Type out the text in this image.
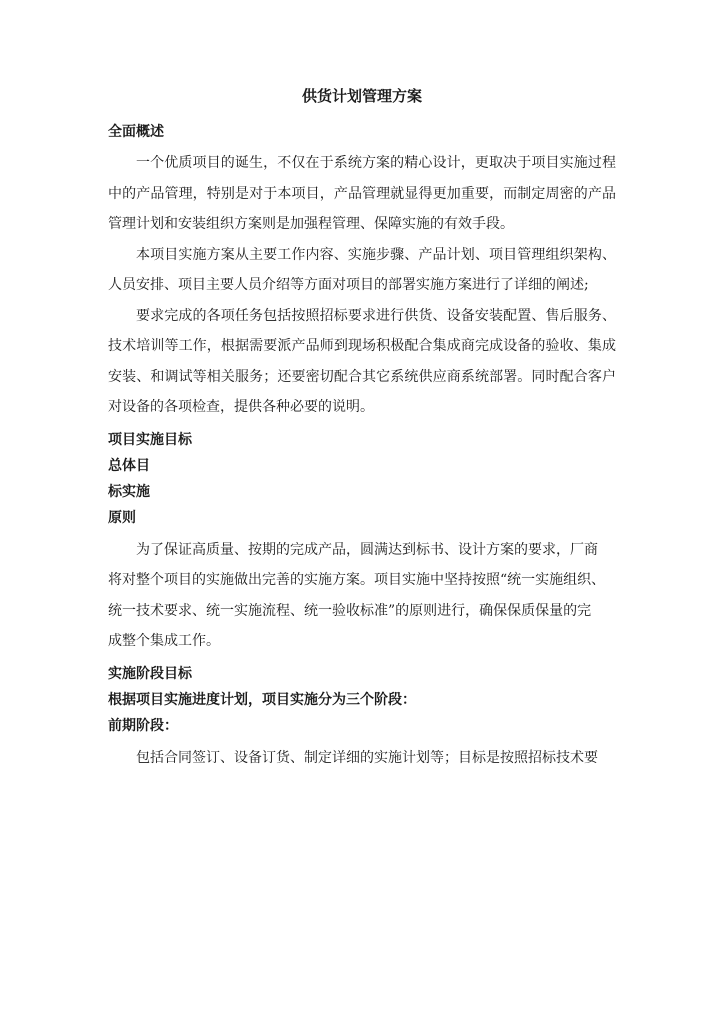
供货计划管理方案
全面概述

一个优质项目的诞生，不仅在于系统方案的精心设计，更取决于项目实施过程中的产品管理，特别是对于本项目，产品管理就显得更加重要，而制定周密的产品管理计划和安装组织方案则是加强程管理、保障实施的有效手段。

本项目实施方案从主要工作内容、实施步骤、产品计划、项目管理组织架构、人员安排、项目主要人员介绍等方面对项目的部署实施方案进行了详细的阐述;

要求完成的各项任务包括按照招标要求进行供货、设备安装配置、售后服务、技术培训等工作，根据需要派产品师到现场积极配合集成商完成设备的验收、集成安装、和调试等相关服务；还要密切配合其它系统供应商系统部署。同时配合客户对设备的各项检查，提供各种必要的说明。

项目实施目标
总体目
标实施
原则

为了保证高质量、按期的完成产品，圆满达到标书、设计方案的要求，厂商

将对整个项目的实施做出完善的实施方案。项目实施中坚持按照“统一实施组织、

统一技术要求、统一实施流程、统一验收标准”的原则进行，确保保质保量的完

成整个集成工作。

实施阶段目标
根据项目实施进度计划，项目实施分为三个阶段：
前期阶段：

包括合同签订、设备订货、制定详细的实施计划等；目标是按照招标技术要
